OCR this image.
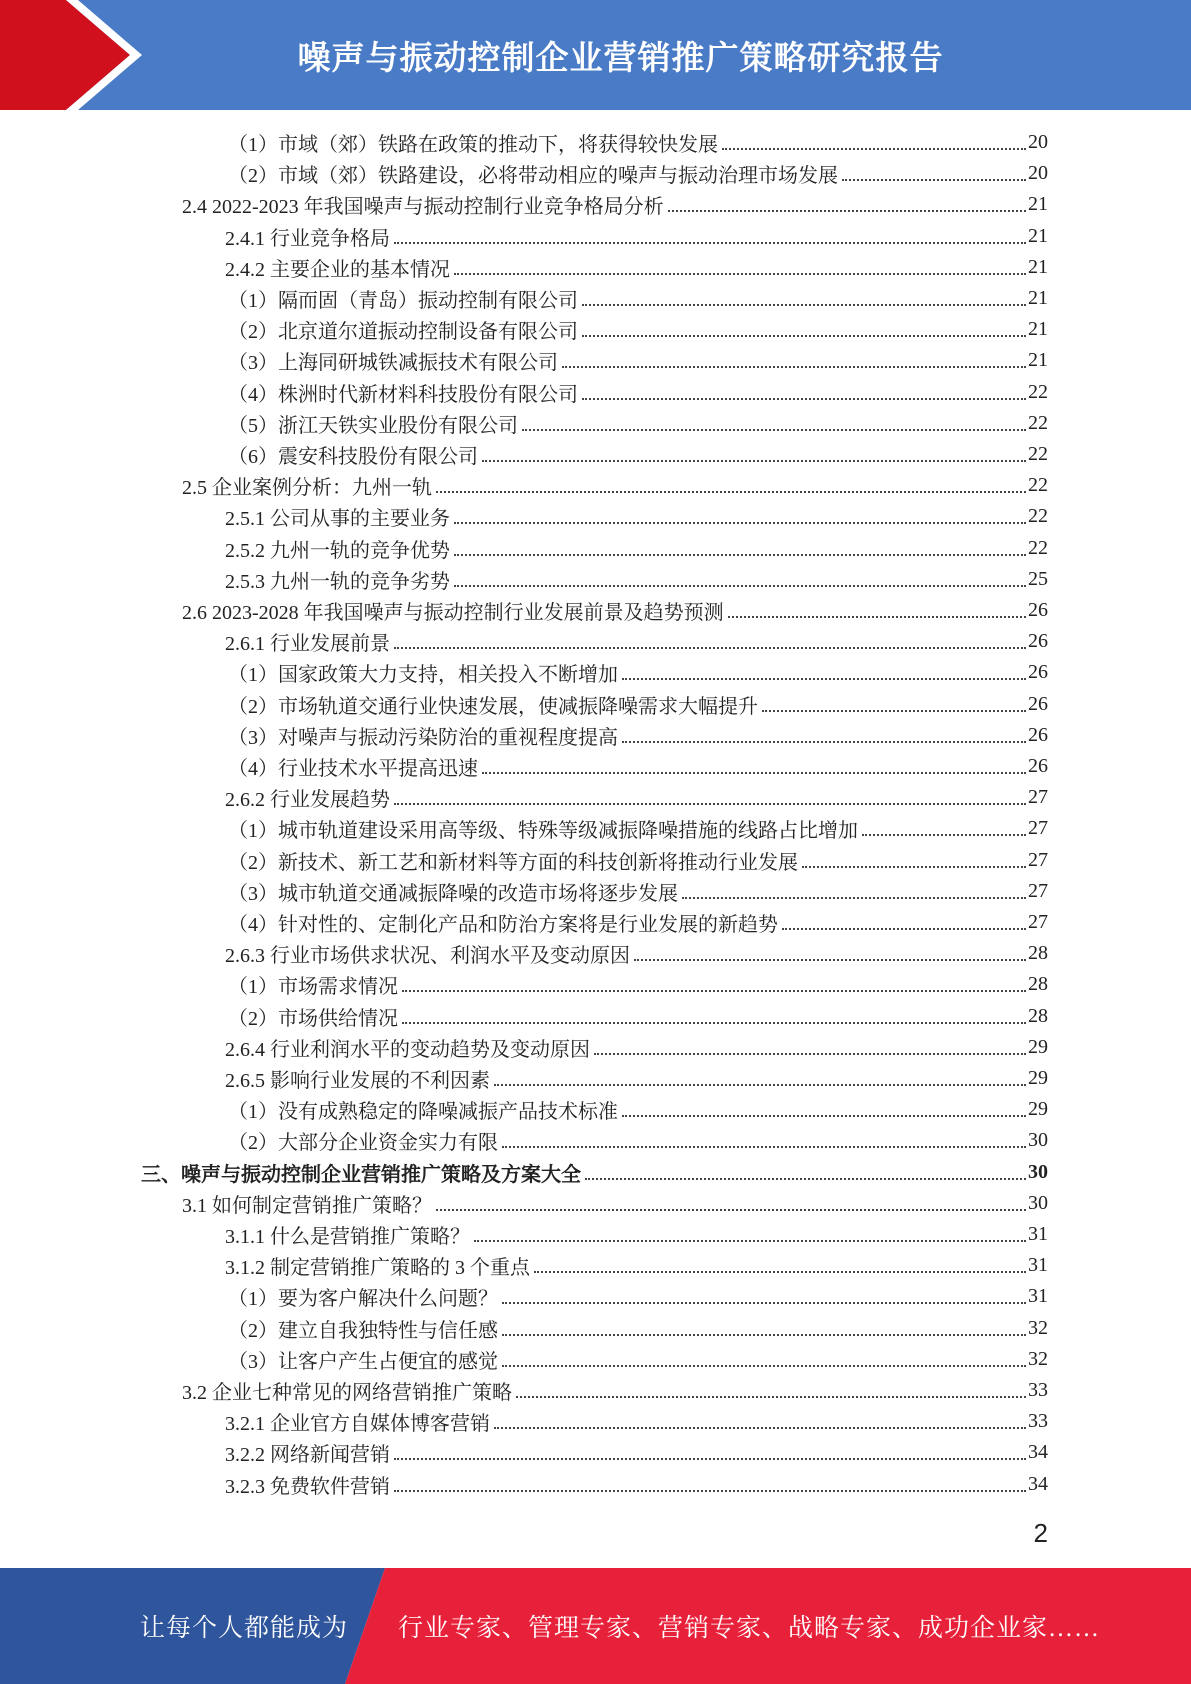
噪声与振动控制企业营销推广策略研究报告
（1）市域（郊）铁路在政策的推动下，将获得较快发展	20
（2）市域（郊）铁路建设，必将带动相应的噪声与振动治理市场发展	20
2.4 2022-2023 年我国噪声与振动控制行业竞争格局分析	21
2.4.1 行业竞争格局	21
2.4.2 主要企业的基本情况	21
（1）隔而固（青岛）振动控制有限公司	21
（2）北京道尔道振动控制设备有限公司	21
（3）上海同研城铁减振技术有限公司	21
（4）株洲时代新材料科技股份有限公司	22
（5）浙江天铁实业股份有限公司	22
（6）震安科技股份有限公司	22
2.5 企业案例分析：九州一轨	22
2.5.1 公司从事的主要业务	22
2.5.2 九州一轨的竞争优势	22
2.5.3 九州一轨的竞争劣势	25
2.6 2023-2028 年我国噪声与振动控制行业发展前景及趋势预测	26
2.6.1 行业发展前景	26
（1）国家政策大力支持，相关投入不断增加	26
（2）市场轨道交通行业快速发展，使减振降噪需求大幅提升	26
（3）对噪声与振动污染防治的重视程度提高	26
（4）行业技术水平提高迅速	26
2.6.2 行业发展趋势	27
（1）城市轨道建设采用高等级、特殊等级减振降噪措施的线路占比增加	27
（2）新技术、新工艺和新材料等方面的科技创新将推动行业发展	27
（3）城市轨道交通减振降噪的改造市场将逐步发展	27
（4）针对性的、定制化产品和防治方案将是行业发展的新趋势	27
2.6.3 行业市场供求状况、利润水平及变动原因	28
（1）市场需求情况	28
（2）市场供给情况	28
2.6.4 行业利润水平的变动趋势及变动原因	29
2.6.5 影响行业发展的不利因素	29
（1）没有成熟稳定的降噪减振产品技术标准	29
（2）大部分企业资金实力有限	30
三、噪声与振动控制企业营销推广策略及方案大全	30
3.1 如何制定营销推广策略？	30
3.1.1 什么是营销推广策略？	31
3.1.2 制定营销推广策略的 3 个重点	31
（1）要为客户解决什么问题？	31
（2）建立自我独特性与信任感	32
（3）让客户产生占便宜的感觉	32
3.2 企业七种常见的网络营销推广策略	33
3.2.1 企业官方自媒体博客营销	33
3.2.2 网络新闻营销	34
3.2.3 免费软件营销	34
2
让每个人都能成为 行业专家、管理专家、营销专家、战略专家、成功企业家……
